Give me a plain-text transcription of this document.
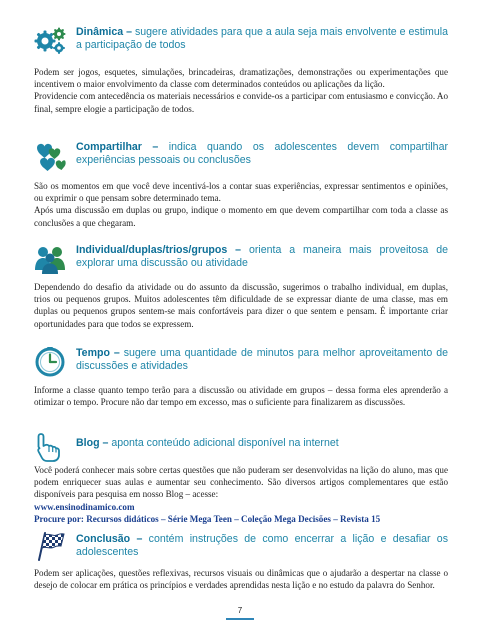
Dinâmica – sugere atividades para que a aula seja mais envolvente e estimula a participação de todos

Podem ser jogos, esquetes, simulações, brincadeiras, dramatizações, demonstrações ou experimentações que incentivem o maior envolvimento da classe com determinados conteúdos ou aplicações da lição.

Providencie com antecedência os materiais necessários e convide-os a participar com entusiasmo e convicção. Ao final, sempre elogie a participação de todos.

Compartilhar – indica quando os adolescentes devem compartilhar experiências pessoais ou conclusões

São os momentos em que você deve incentivá-los a contar suas experiências, expressar sentimentos e opiniões, ou exprimir o que pensam sobre determinado tema.

Após uma discussão em duplas ou grupo, indique o momento em que devem compartilhar com toda a classe as conclusões a que chegaram.

Individual/duplas/trios/grupos – orienta a maneira mais proveitosa de explorar uma discussão ou atividade

Dependendo do desafio da atividade ou do assunto da discussão, sugerimos o trabalho individual, em duplas, trios ou pequenos grupos. Muitos adolescentes têm dificuldade de se expressar diante de uma classe, mas em duplas ou pequenos grupos sentem-se mais confortáveis para dizer o que sentem e pensam. É importante criar oportunidades para que todos se expressem.

Tempo – sugere uma quantidade de minutos para melhor aproveitamento de discussões e atividades

Informe a classe quanto tempo terão para a discussão ou atividade em grupos – dessa forma eles aprenderão a otimizar o tempo. Procure não dar tempo em excesso, mas o suficiente para finalizarem as discussões.

Blog – aponta conteúdo adicional disponível na internet

Você poderá conhecer mais sobre certas questões que não puderam ser desenvolvidas na lição do aluno, mas que podem enriquecer suas aulas e aumentar seu conhecimento. São diversos artigos complementares que estão disponíveis para pesquisa em nosso Blog – acesse:

www.ensinodinamico.com

Procure por: Recursos didáticos – Série Mega Teen – Coleção Mega Decisões – Revista 15

Conclusão – contém instruções de como encerrar a lição e desafiar os adolescentes

Podem ser aplicações, questões reflexivas, recursos visuais ou dinâmicas que o ajudarão a despertar na classe o desejo de colocar em prática os princípios e verdades aprendidas nesta lição e no estudo da palavra do Senhor.

7
